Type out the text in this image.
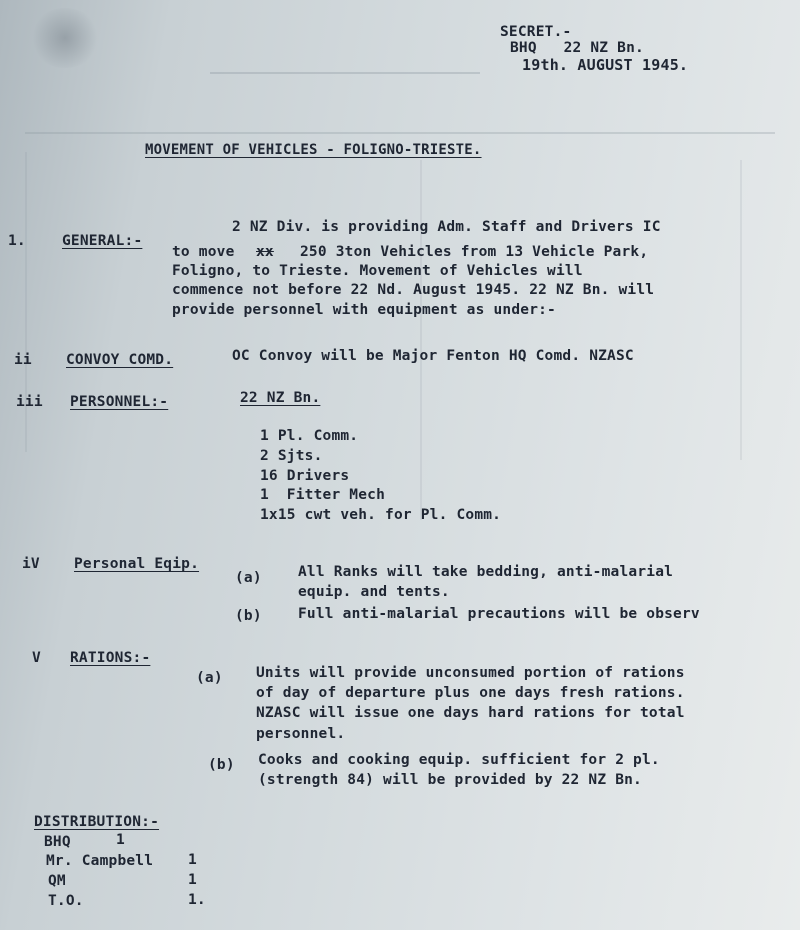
SECRET.-
BHQ   22 NZ Bn.
19th. AUGUST 1945.
MOVEMENT OF VEHICLES - FOLIGNO-TRIESTE.
1. GENERAL:-
2 NZ Div. is providing Adm. Staff and Drivers IC
to move xx 250 3ton Vehicles from 13 Vehicle Park,
Foligno, to Trieste. Movement of Vehicles will
commence not before 22 Nd. August 1945. 22 NZ Bn. will
provide personnel with equipment as under:-
ii CONVOY COMD.	OC Convoy will be Major Fenton HQ Comd. NZASC
iii PERSONNEL:-	22 NZ Bn.
1 Pl. Comm.
2 Sjts.
16 Drivers
1  Fitter Mech
1x15 cwt veh. for Pl. Comm.
iV Personal Eqip.
(a) All Ranks will take bedding, anti-malarial
equip. and tents.
(b) Full anti-malarial precautions will be observ
V RATIONS:-
(a) Units will provide unconsumed portion of rations
of day of departure plus one days fresh rations.
NZASC will issue one days hard rations for total
personnel.
(b) Cooks and cooking equip. sufficient for 2 pl.
(strength 84) will be provided by 22 NZ Bn.
DISTRIBUTION:-
BHQ	1
Mr. Campbell 1
QM	1
T.O.	1.
